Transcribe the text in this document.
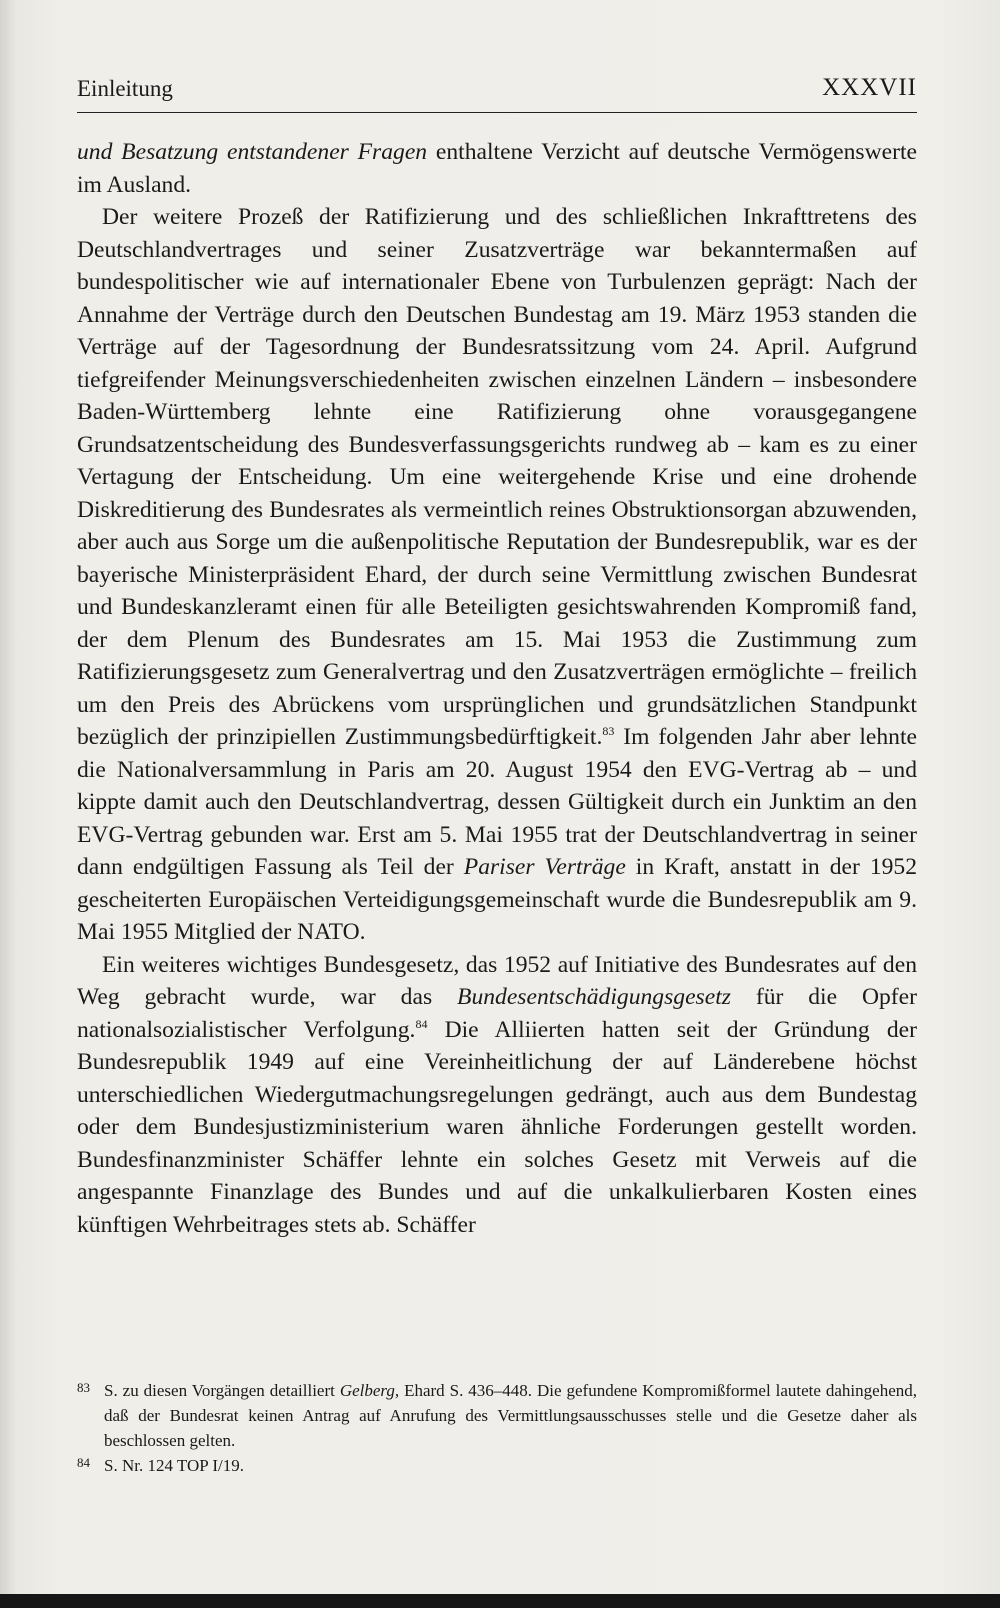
Einleitung	XXXVII

und Besatzung entstandener Fragen enthaltene Verzicht auf deutsche Vermögenswerte im Ausland.

Der weitere Prozeß der Ratifizierung und des schließlichen Inkrafttretens des Deutschlandvertrages und seiner Zusatzverträge war bekanntermaßen auf bundespolitischer wie auf internationaler Ebene von Turbulenzen geprägt: Nach der Annahme der Verträge durch den Deutschen Bundestag am 19. März 1953 standen die Verträge auf der Tagesordnung der Bundesratssitzung vom 24. April. Aufgrund tiefgreifender Meinungsverschiedenheiten zwischen einzelnen Ländern – insbesondere Baden-Württemberg lehnte eine Ratifizierung ohne vorausgegangene Grundsatzentscheidung des Bundesverfassungsgerichts rundweg ab – kam es zu einer Vertagung der Entscheidung. Um eine weitergehende Krise und eine drohende Diskreditierung des Bundesrates als vermeintlich reines Obstruktionsorgan abzuwenden, aber auch aus Sorge um die außenpolitische Reputation der Bundesrepublik, war es der bayerische Ministerpräsident Ehard, der durch seine Vermittlung zwischen Bundesrat und Bundeskanzleramt einen für alle Beteiligten gesichtswahrenden Kompromiß fand, der dem Plenum des Bundesrates am 15. Mai 1953 die Zustimmung zum Ratifizierungsgesetz zum Generalvertrag und den Zusatzverträgen ermöglichte – freilich um den Preis des Abrückens vom ursprünglichen und grundsätzlichen Standpunkt bezüglich der prinzipiellen Zustimmungsbedürftigkeit.$^{83}$ Im folgenden Jahr aber lehnte die Nationalversammlung in Paris am 20. August 1954 den EVG-Vertrag ab – und kippte damit auch den Deutschlandvertrag, dessen Gültigkeit durch ein Junktim an den EVG-Vertrag gebunden war. Erst am 5. Mai 1955 trat der Deutschlandvertrag in seiner dann endgültigen Fassung als Teil der Pariser Verträge in Kraft, anstatt in der 1952 gescheiterten Europäischen Verteidigungsgemeinschaft wurde die Bundesrepublik am 9. Mai 1955 Mitglied der NATO.

Ein weiteres wichtiges Bundesgesetz, das 1952 auf Initiative des Bundesrates auf den Weg gebracht wurde, war das Bundesentschädigungsgesetz für die Opfer nationalsozialistischer Verfolgung.$^{84}$ Die Alliierten hatten seit der Gründung der Bundesrepublik 1949 auf eine Vereinheitlichung der auf Länderebene höchst unterschiedlichen Wiedergutmachungsregelungen gedrängt, auch aus dem Bundestag oder dem Bundesjustizministerium waren ähnliche Forderungen gestellt worden. Bundesfinanzminister Schäffer lehnte ein solches Gesetz mit Verweis auf die angespannte Finanzlage des Bundes und auf die unkalkulierbaren Kosten eines künftigen Wehrbeitrages stets ab. Schäffer

83 S. zu diesen Vorgängen detailliert Gelberg, Ehard S. 436–448. Die gefundene Kompromißformel lautete dahingehend, daß der Bundesrat keinen Antrag auf Anrufung des Vermittlungsausschusses stelle und die Gesetze daher als beschlossen gelten.
84 S. Nr. 124 TOP I/19.
